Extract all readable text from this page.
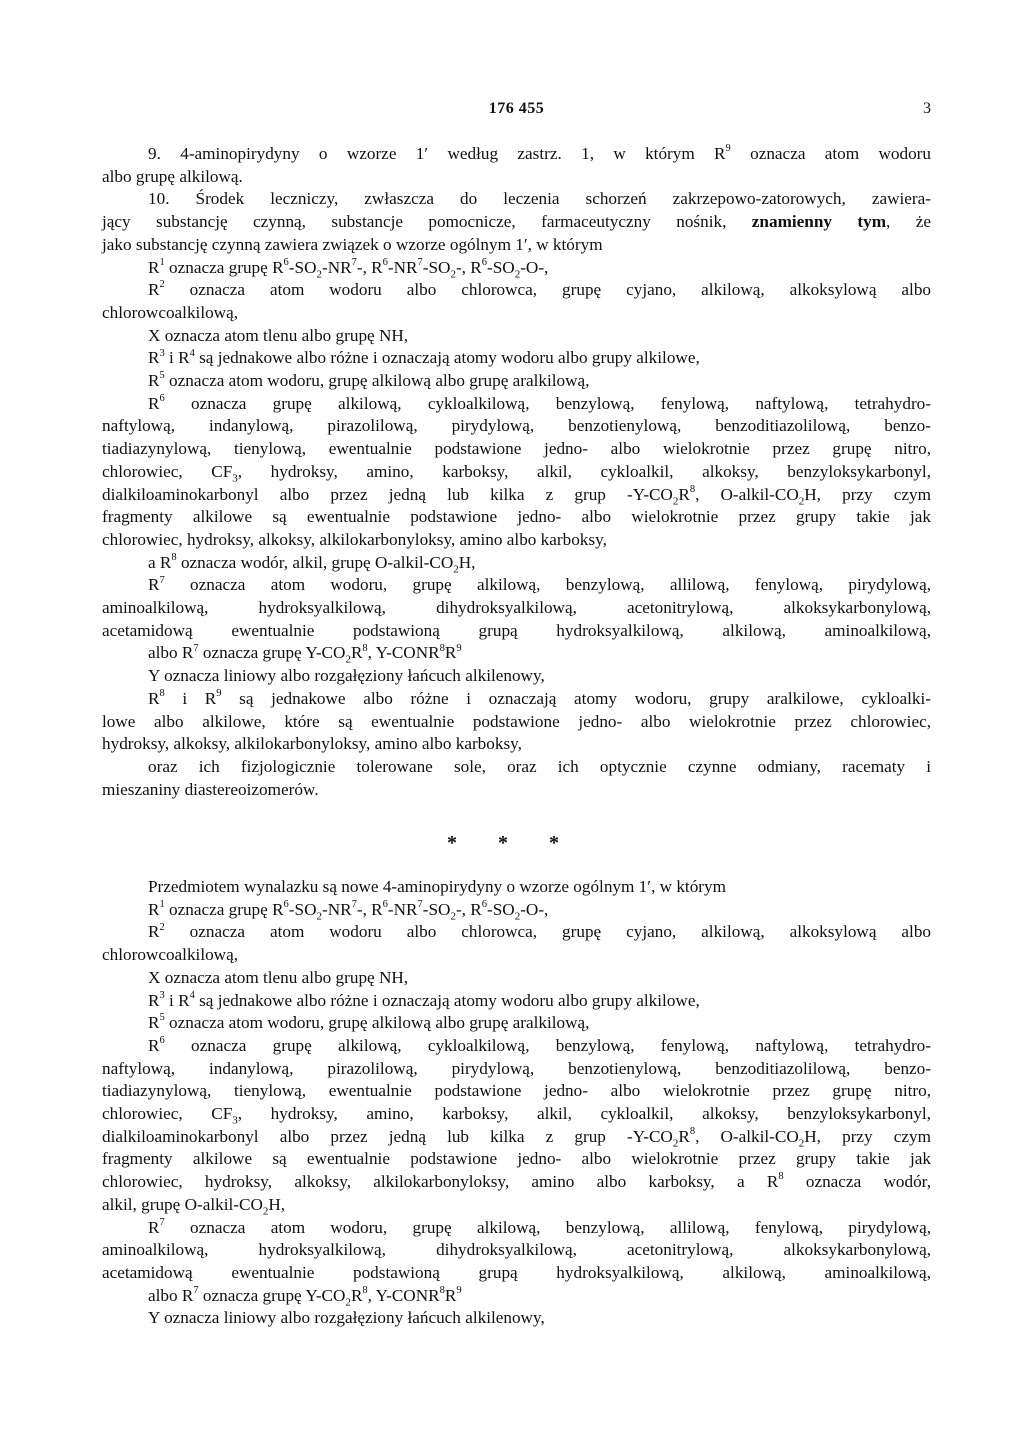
176 455	3
9. 4-aminopirydyny o wzorze 1′ według zastrz. 1, w którym $R^9$ oznacza atom wodoru
albo grupę alkilową.
10. Środek leczniczy, zwłaszcza do leczenia schorzeń zakrzepowo-zatorowych, zawiera-
jący substancję czynną, substancje pomocnicze, farmaceutyczny nośnik, znamienny tym, że
jako substancję czynną zawiera związek o wzorze ogólnym 1′, w którym
$R^1$ oznacza grupę $R^6-SO_2-NR^7-$, $R^6-NR^7-SO_2-$, $R^6-SO_2-O-$,
$R^2$ oznacza atom wodoru albo chlorowca, grupę cyjano, alkilową, alkoksylową albo
chlorowcoalkilową,
X oznacza atom tlenu albo grupę NH,
$R^3$ i $R^4$ są jednakowe albo różne i oznaczają atomy wodoru albo grupy alkilowe,
$R^5$ oznacza atom wodoru, grupę alkilową albo grupę aralkilową,
$R^6$ oznacza grupę alkilową, cykloalkilową, benzylową, fenylową, naftylową, tetrahydro-
naftylową, indanylową, pirazolilową, pirydylową, benzotienylową, benzoditiazolilową, benzo-
tiadiazynylową, tienylową, ewentualnie podstawione jedno- albo wielokrotnie przez grupę nitro,
chlorowiec, $CF_3$, hydroksy, amino, karboksy, alkil, cykloalkil, alkoksy, benzyloksykarbonyl,
dialkiloaminokarbonyl albo przez jedną lub kilka z grup $-Y-CO_2R^8$, $O-alkil-CO_2H$, przy czym
fragmenty alkilowe są ewentualnie podstawione jedno- albo wielokrotnie przez grupy takie jak
chlorowiec, hydroksy, alkoksy, alkilokarbonyloksy, amino albo karboksy,
a $R^8$ oznacza wodór, alkil, grupę $O-alkil-CO_2H$,
$R^7$ oznacza atom wodoru, grupę alkilową, benzylową, allilową, fenylową, pirydylową,
aminoalkilową, hydroksyalkilową, dihydroksyalkilową, acetonitrylową, alkoksykarbonylową,
acetamidową ewentualnie podstawioną grupą hydroksyalkilową, alkilową, aminoalkilową,
albo $R^7$ oznacza grupę $Y-CO_2R^8$, $Y-CONR^8R^9$
Y oznacza liniowy albo rozgałęziony łańcuch alkilenowy,
$R^8$ i $R^9$ są jednakowe albo różne i oznaczają atomy wodoru, grupy aralkilowe, cykloalki-
lowe albo alkilowe, które są ewentualnie podstawione jedno- albo wielokrotnie przez chlorowiec,
hydroksy, alkoksy, alkilokarbonyloksy, amino albo karboksy,
oraz ich fizjologicznie tolerowane sole, oraz ich optycznie czynne odmiany, racematy i
mieszaniny diastereoizomerów.
* * *
Przedmiotem wynalazku są nowe 4-aminopirydyny o wzorze ogólnym 1′, w którym
$R^1$ oznacza grupę $R^6-SO_2-NR^7-$, $R^6-NR^7-SO_2-$, $R^6-SO_2-O-$,
$R^2$ oznacza atom wodoru albo chlorowca, grupę cyjano, alkilową, alkoksylową albo
chlorowcoalkilową,
X oznacza atom tlenu albo grupę NH,
$R^3$ i $R^4$ są jednakowe albo różne i oznaczają atomy wodoru albo grupy alkilowe,
$R^5$ oznacza atom wodoru, grupę alkilową albo grupę aralkilową,
$R^6$ oznacza grupę alkilową, cykloalkilową, benzylową, fenylową, naftylową, tetrahydro-
naftylową, indanylową, pirazolilową, pirydylową, benzotienylową, benzoditiazolilową, benzo-
tiadiazynylową, tienylową, ewentualnie podstawione jedno- albo wielokrotnie przez grupę nitro,
chlorowiec, $CF_3$, hydroksy, amino, karboksy, alkil, cykloalkil, alkoksy, benzyloksykarbonyl,
dialkiloaminokarbonyl albo przez jedną lub kilka z grup $-Y-CO_2R^8$, $O-alkil-CO_2H$, przy czym
fragmenty alkilowe są ewentualnie podstawione jedno- albo wielokrotnie przez grupy takie jak
chlorowiec, hydroksy, alkoksy, alkilokarbonyloksy, amino albo karboksy, a $R^8$ oznacza wodór,
alkil, grupę $O-alkil-CO_2H$,
$R^7$ oznacza atom wodoru, grupę alkilową, benzylową, allilową, fenylową, pirydylową,
aminoalkilową, hydroksyalkilową, dihydroksyalkilową, acetonitrylową, alkoksykarbonylową,
acetamidową ewentualnie podstawioną grupą hydroksyalkilową, alkilową, aminoalkilową,
albo $R^7$ oznacza grupę $Y-CO_2R^8$, $Y-CONR^8R^9$
Y oznacza liniowy albo rozgałęziony łańcuch alkilenowy,
